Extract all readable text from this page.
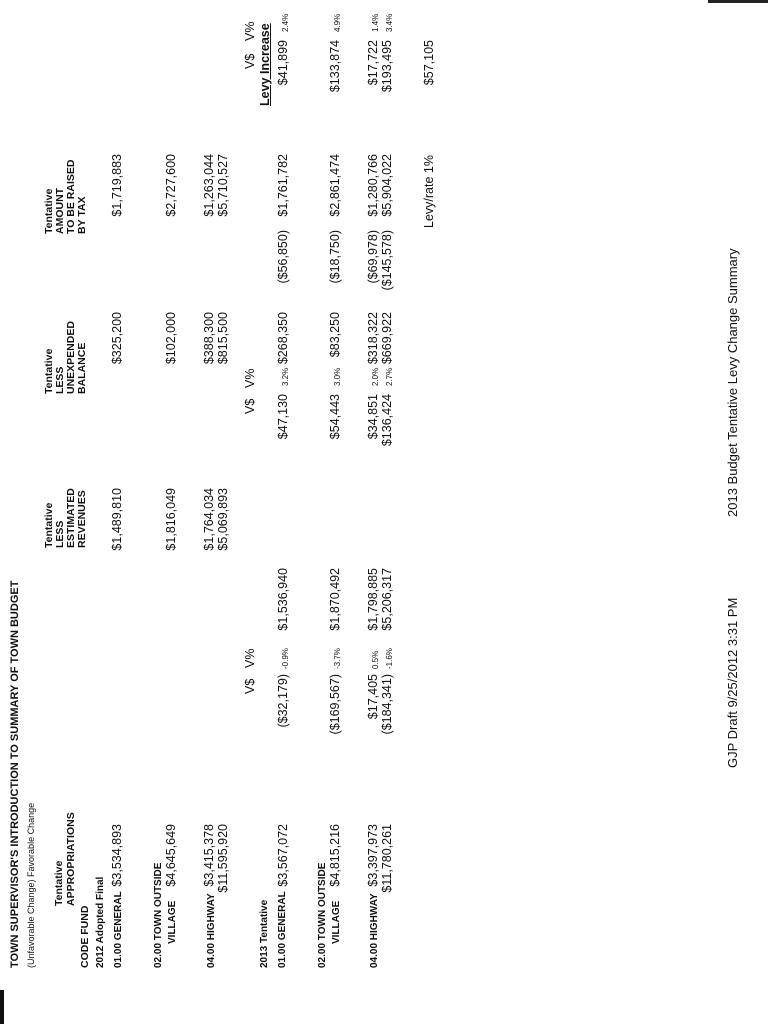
TOWN SUPERVISOR'S INTRODUCTION TO SUMMARY OF TOWN BUDGET (Unfavorable Change) Favorable Change	CODE FUND
Tentative APPROPRIATIONS
Tentative LESS ESTIMATED REVENUES
Tentative LESS UNEXPENDED BALANCE
Tentative AMOUNT TO BE RAISED BY TAX
2012 Adopted Final 01.00 GENERAL
$3,534,893
$1,489,810
$325,200
$1,719,883
02.00 TOWN OUTSIDE VILLAGE
$4,645,649
$1,816,049
$102,000
$2,727,600
04.00 HIGHWAY
$3,415,378
$1,764,034
$388,300
$1,263,044
$11,595,920
$5,069,893
$815,500
$5,710,527
V$
V%
V$
V%
V$
V% Levy Increase
2013 Tentative 01.00 GENERAL
$3,567,072
($32,179)
-0.9%
$1,536,940
$47,130
3.2%
$268,350
($56,850)
$1,761,782
$41,899
2.4%
02.00 TOWN OUTSIDE VILLAGE
$4,815,216
($169,567)
-3.7%
$1,870,492
$54,443
3.0%
$83,250
($18,750)
$2,861,474
$133,874
4.9%
04.00 HIGHWAY
$3,397,973
$17,405
0.5%
$1,798,885
$34,851
2.0%
$318,322
($69,978)
$1,280,766
$17,722
1.4%
$11,780,261
($184,341)
-1.6%
$5,206,317
$136,424
2.7%
$669,922
($145,578)
$5,904,022
$193,495
3.4%
Levy/rate 1%
$57,105
GJP Draft 9/25/2012 3:31 PM
2013 Budget Tentative Levy Change Summary
